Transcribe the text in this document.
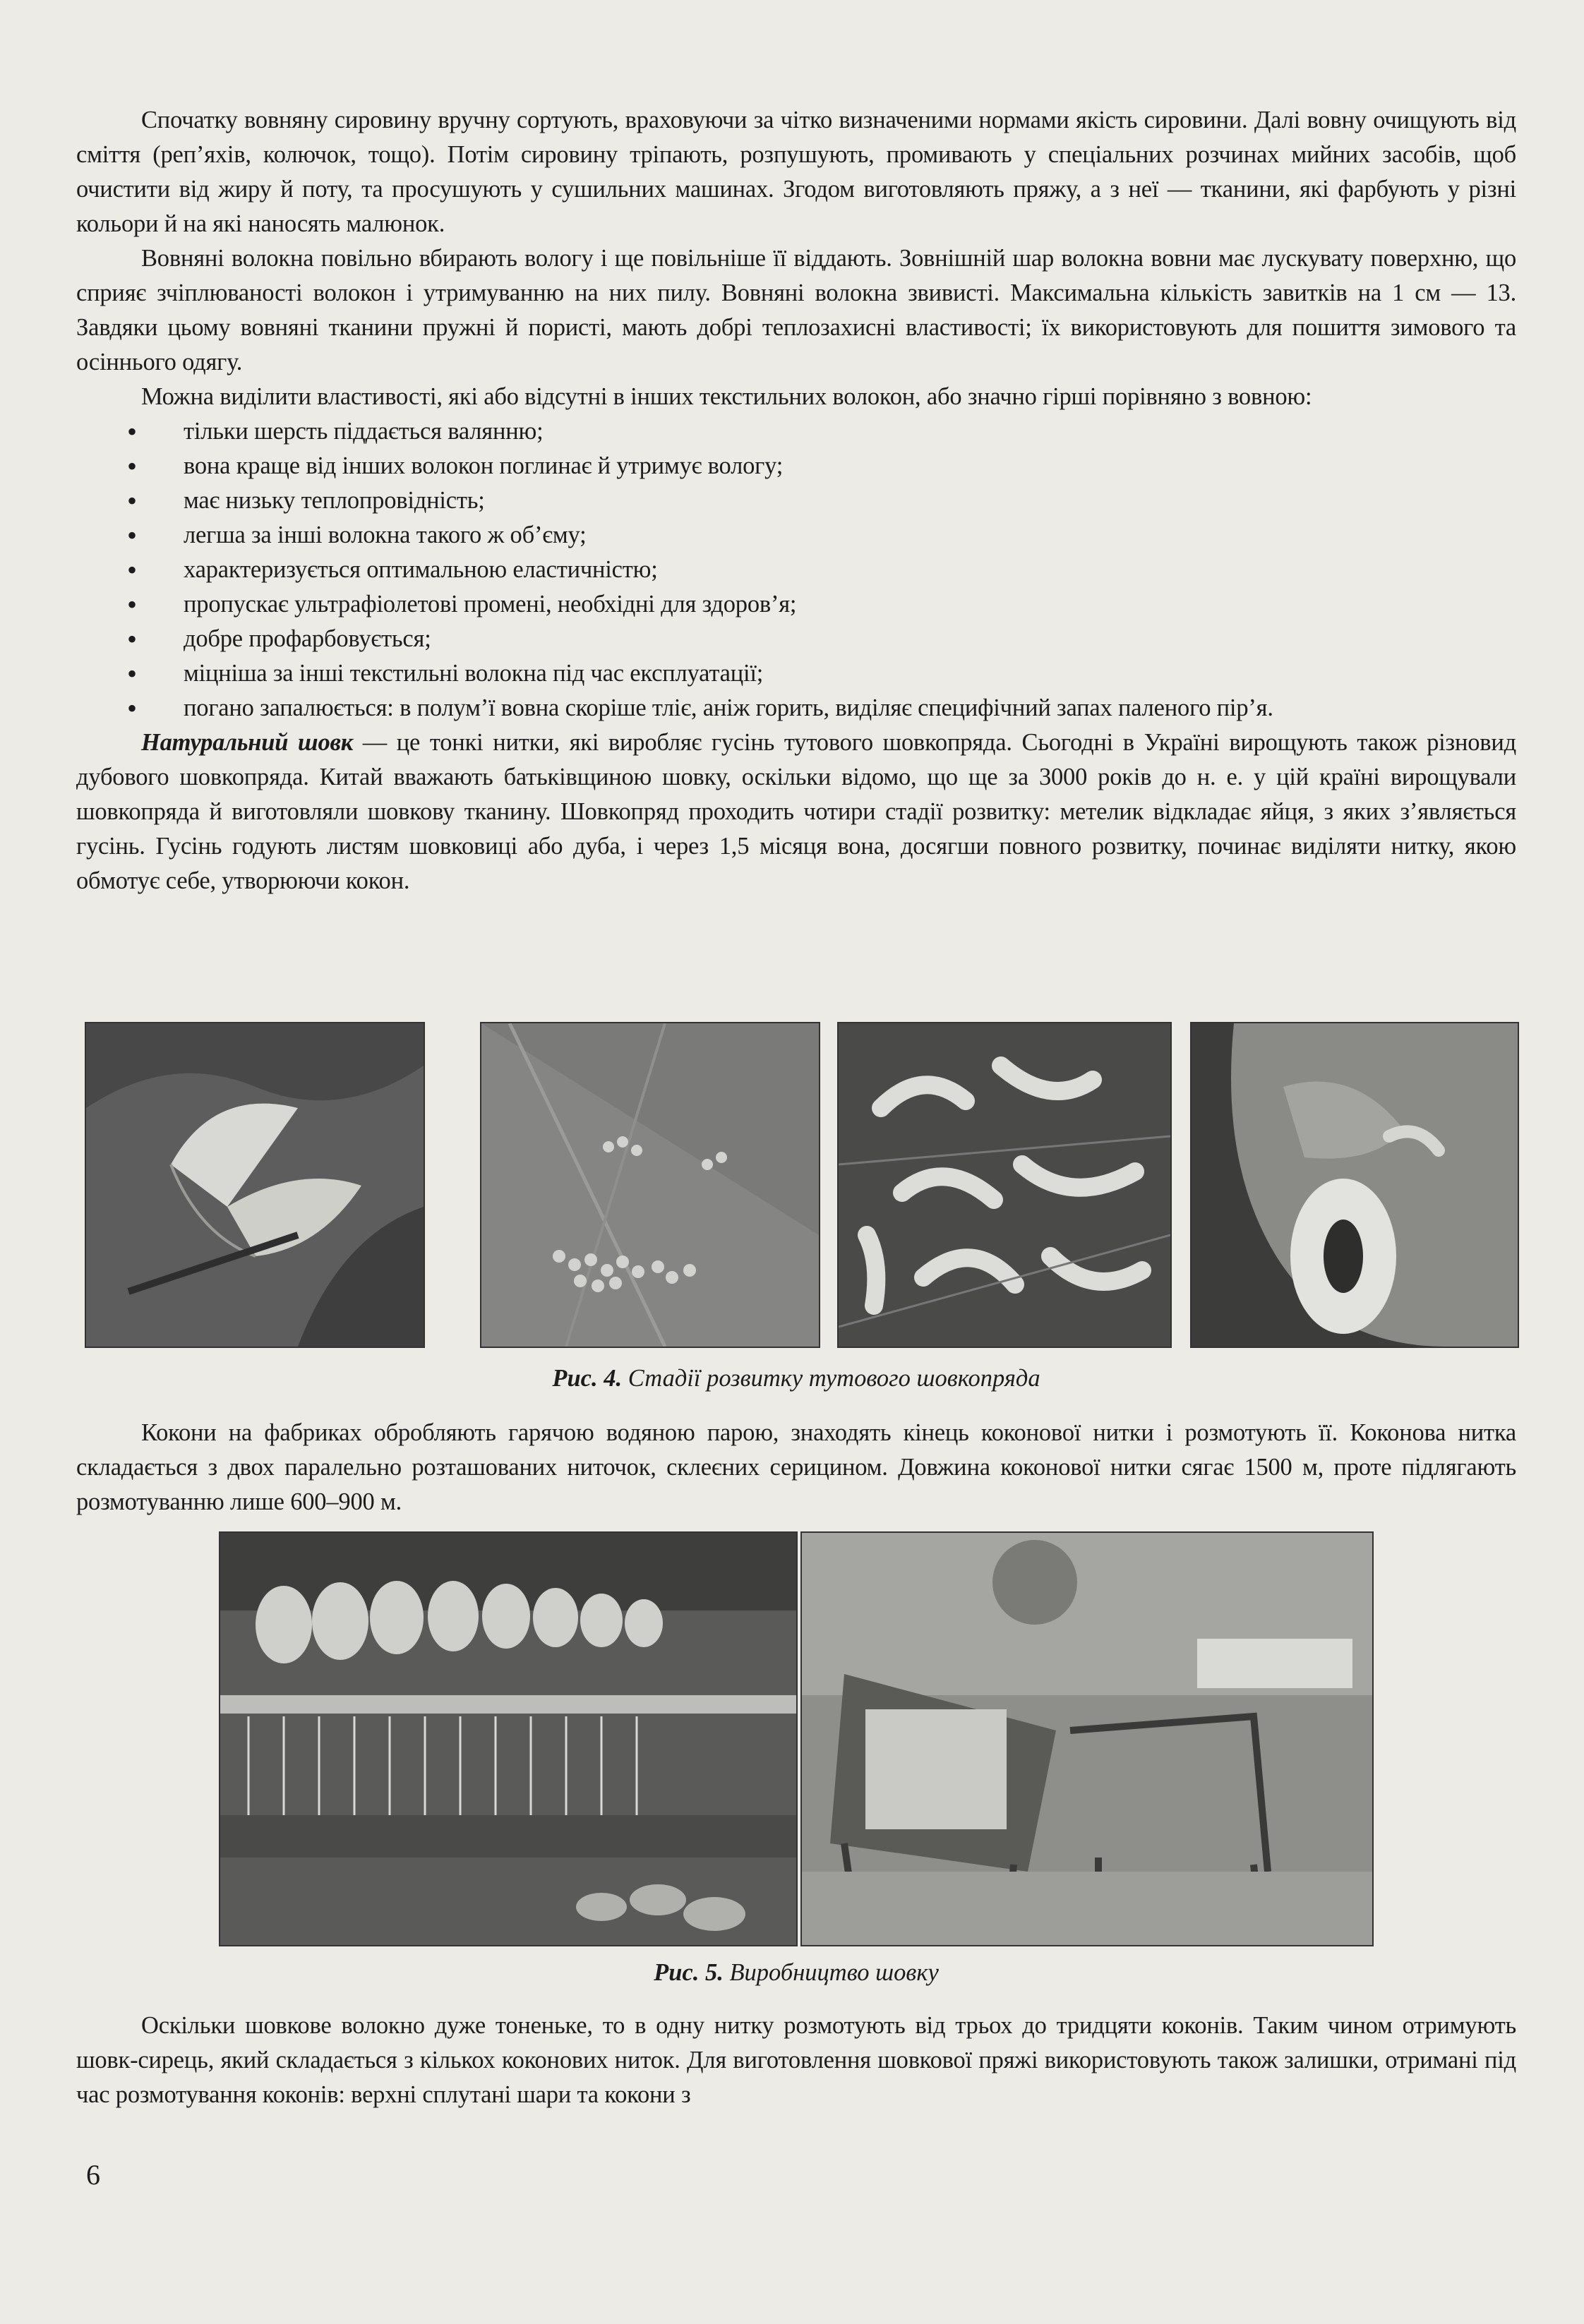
Спочатку вовняну сировину вручну сортують, враховуючи за чітко визначеними нормами якість сировини. Далі вовну очищують від сміття (реп’яхів, колючок, тощо). Потім сировину тріпають, розпушують, промивають у спеціальних розчинах мийних засобів, щоб очистити від жиру й поту, та просушують у сушильних машинах. Згодом виготовляють пряжу, а з неї — тканини, які фарбують у різні кольори й на які наносять малюнок.

Вовняні волокна повільно вбирають вологу і ще повільніше її віддають. Зовнішній шар волокна вовни має лускувату поверхню, що сприяє зчіплюваності волокон і утримуванню на них пилу. Вовняні волокна звивисті. Максимальна кількість завитків на 1 см — 13. Завдяки цьому вовняні тканини пружні й пористі, мають добрі теплозахисні властивості; їх використовують для пошиття зимового та осіннього одягу.

Можна виділити властивості, які або відсутні в інших текстильних волокон, або значно гірші порівняно з вовною:

• тільки шерсть піддається валянню;
• вона краще від інших волокон поглинає й утримує вологу;
• має низьку теплопровідність;
• легша за інші волокна такого ж об’єму;
• характеризується оптимальною еластичністю;
• пропускає ультрафіолетові промені, необхідні для здоров’я;
• добре профарбовується;
• міцніша за інші текстильні волокна під час експлуатації;
• погано запалюється: в полум’ї вовна скоріше тліє, аніж горить, виділяє специфічний запах паленого пір’я.

Натуральний шовк — це тонкі нитки, які виробляє гусінь тутового шовкопряда. Сьогодні в Україні вирощують також різновид дубового шовкопряда. Китай вважають батьківщиною шовку, оскільки відомо, що ще за 3000 років до н. е. у цій країні вирощували шовкопряда й виготовляли шовкову тканину. Шовкопряд проходить чотири стадії розвитку: метелик відкладає яйця, з яких з’являється гусінь. Гусінь годують листям шовковиці або дуба, і через 1,5 місяця вона, досягши повного розвитку, починає виділяти нитку, якою обмотує себе, утворюючи кокон.

Рис. 4. Стадії розвитку тутового шовкопряда

Кокони на фабриках обробляють гарячою водяною парою, знаходять кінець коконової нитки і розмотують її. Коконова нитка складається з двох паралельно розташованих ниточок, склеєних серицином. Довжина коконової нитки сягає 1500 м, проте підлягають розмотуванню лише 600–900 м.

Рис. 5. Виробництво шовку

Оскільки шовкове волокно дуже тоненьке, то в одну нитку розмотують від трьох до тридцяти коконів. Таким чином отримують шовк-сирець, який складається з кількох коконових ниток. Для виготовлення шовкової пряжі використовують також залишки, отримані під час розмотування коконів: верхні сплутані шари та кокони з

6
